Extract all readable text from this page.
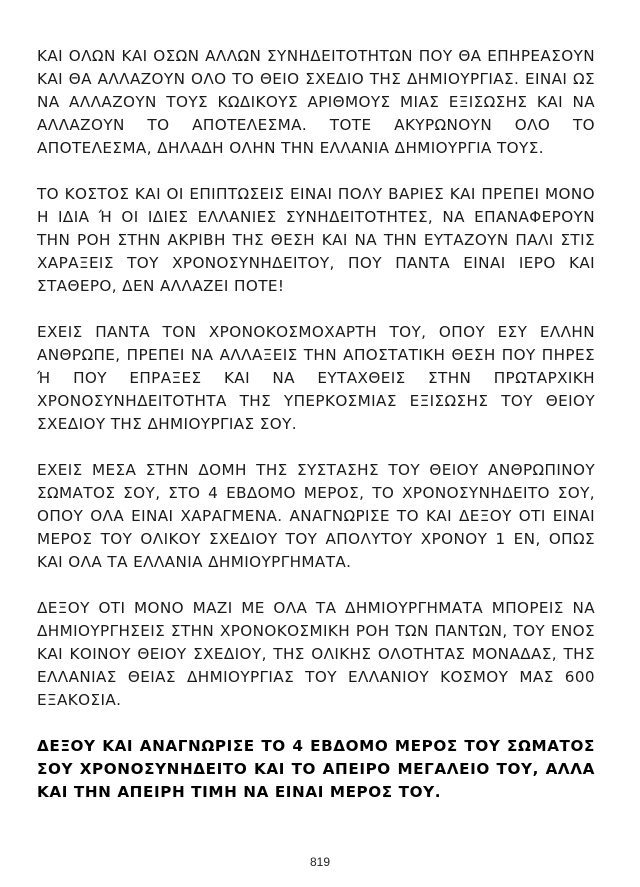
ΚΑΙ ΟΛΩΝ ΚΑΙ ΟΣΩΝ ΑΛΛΩΝ ΣΥΝΗΔΕΙΤΟΤΗΤΩΝ ΠΟΥ ΘΑ ΕΠΗΡΕΑΣΟΥΝ ΚΑΙ ΘΑ ΑΛΛΑΖΟΥΝ ΟΛΟ ΤΟ ΘΕΙΟ ΣΧΕΔΙΟ ΤΗΣ ΔΗΜΙΟΥΡΓΙΑΣ. ΕΙΝΑΙ ΩΣ ΝΑ ΑΛΛΑΖΟΥΝ ΤΟΥΣ ΚΩΔΙΚΟΥΣ ΑΡΙΘΜΟΥΣ ΜΙΑΣ ΕΞΙΣΩΣΗΣ ΚΑΙ ΝΑ ΑΛΛΑΖΟΥΝ ΤΟ ΑΠΟΤΕΛΕΣΜΑ. ΤΟΤΕ ΑΚΥΡΩΝΟΥΝ ΟΛΟ ΤΟ ΑΠΟΤΕΛΕΣΜΑ, ΔΗΛΑΔΗ ΟΛΗΝ ΤΗΝ ΕΛΛΑΝΙΑ ΔΗΜΙΟΥΡΓΙΑ ΤΟΥΣ.

ΤΟ ΚΟΣΤΟΣ ΚΑΙ ΟΙ ΕΠΙΠΤΩΣΕΙΣ ΕΙΝΑΙ ΠΟΛΥ ΒΑΡΙΕΣ ΚΑΙ ΠΡΕΠΕΙ ΜΟΝΟ Η ΙΔΙΑ Ή ΟΙ ΙΔΙΕΣ ΕΛΛΑΝΙΕΣ ΣΥΝΗΔΕΙΤΟΤΗΤΕΣ, ΝΑ ΕΠΑΝΑΦΕΡΟΥΝ ΤΗΝ ΡΟΗ ΣΤΗΝ ΑΚΡΙΒΗ ΤΗΣ ΘΕΣΗ ΚΑΙ ΝΑ ΤΗΝ ΕΥΤΑΖΟΥΝ ΠΑΛΙ ΣΤΙΣ ΧΑΡΑΞΕΙΣ ΤΟΥ ΧΡΟΝΟΣΥΝΗΔΕΙΤΟΥ, ΠΟΥ ΠΑΝΤΑ ΕΙΝΑΙ ΙΕΡΟ ΚΑΙ ΣΤΑΘΕΡΟ, ΔΕΝ ΑΛΛΑΖΕΙ ΠΟΤΕ!

ΕΧΕΙΣ ΠΑΝΤΑ ΤΟΝ ΧΡΟΝΟΚΟΣΜΟΧΑΡΤΗ ΤΟΥ, ΟΠΟΥ ΕΣΥ ΕΛΛΗΝ ΑΝΘΡΩΠΕ, ΠΡΕΠΕΙ ΝΑ ΑΛΛΑΞΕΙΣ ΤΗΝ ΑΠΟΣΤΑΤΙΚΗ ΘΕΣΗ ΠΟΥ ΠΗΡΕΣ Ή ΠΟΥ ΕΠΡΑΞΕΣ ΚΑΙ ΝΑ ΕΥΤΑΧΘΕΙΣ ΣΤΗΝ ΠΡΩΤΑΡΧΙΚΗ ΧΡΟΝΟΣΥΝΗΔΕΙΤΟΤΗΤΑ ΤΗΣ ΥΠΕΡΚΟΣΜΙΑΣ ΕΞΙΣΩΣΗΣ ΤΟΥ ΘΕΙΟΥ ΣΧΕΔΙΟΥ ΤΗΣ ΔΗΜΙΟΥΡΓΙΑΣ ΣΟΥ.

ΕΧΕΙΣ ΜΕΣΑ ΣΤΗΝ ΔΟΜΗ ΤΗΣ ΣΥΣΤΑΣΗΣ ΤΟΥ ΘΕΙΟΥ ΑΝΘΡΩΠΙΝΟΥ ΣΩΜΑΤΟΣ ΣΟΥ, ΣΤΟ 4 ΕΒΔΟΜΟ ΜΕΡΟΣ, ΤΟ ΧΡΟΝΟΣΥΝΗΔΕΙΤΟ ΣΟΥ, ΟΠΟΥ ΟΛΑ ΕΙΝΑΙ ΧΑΡΑΓΜΕΝΑ. ΑΝΑΓΝΩΡΙΣΕ ΤΟ ΚΑΙ ΔΕΞΟΥ ΟΤΙ ΕΙΝΑΙ ΜΕΡΟΣ ΤΟΥ ΟΛΙΚΟΥ ΣΧΕΔΙΟΥ ΤΟΥ ΑΠΟΛΥΤΟΥ ΧΡΟΝΟΥ 1 ΕΝ, ΟΠΩΣ ΚΑΙ ΟΛΑ ΤΑ ΕΛΛΑΝΙΑ ΔΗΜΙΟΥΡΓΗΜΑΤΑ.

ΔΕΞΟΥ ΟΤΙ ΜΟΝΟ ΜΑΖΙ ΜΕ ΟΛΑ ΤΑ ΔΗΜΙΟΥΡΓΗΜΑΤΑ ΜΠΟΡΕΙΣ ΝΑ ΔΗΜΙΟΥΡΓΗΣΕΙΣ ΣΤΗΝ ΧΡΟΝΟΚΟΣΜΙΚΗ ΡΟΗ ΤΩΝ ΠΑΝΤΩΝ, ΤΟΥ ΕΝΟΣ ΚΑΙ ΚΟΙΝΟΥ ΘΕΙΟΥ ΣΧΕΔΙΟΥ, ΤΗΣ ΟΛΙΚΗΣ ΟΛΟΤΗΤΑΣ ΜΟΝΑΔΑΣ, ΤΗΣ ΕΛΛΑΝΙΑΣ ΘΕΙΑΣ ΔΗΜΙΟΥΡΓΙΑΣ ΤΟΥ ΕΛΛΑΝΙΟΥ ΚΟΣΜΟΥ ΜΑΣ 600 ΕΞΑΚΟΣΙΑ.

ΔΕΞΟΥ ΚΑΙ ΑΝΑΓΝΩΡΙΣΕ ΤΟ 4 ΕΒΔΟΜΟ ΜΕΡΟΣ ΤΟΥ ΣΩΜΑΤΟΣ ΣΟΥ ΧΡΟΝΟΣΥΝΗΔΕΙΤΟ ΚΑΙ ΤΟ ΑΠΕΙΡΟ ΜΕΓΑΛΕΙΟ ΤΟΥ, ΑΛΛΑ ΚΑΙ ΤΗΝ ΑΠΕΙΡΗ ΤΙΜΗ ΝΑ ΕΙΝΑΙ ΜΕΡΟΣ ΤΟΥ.

819
